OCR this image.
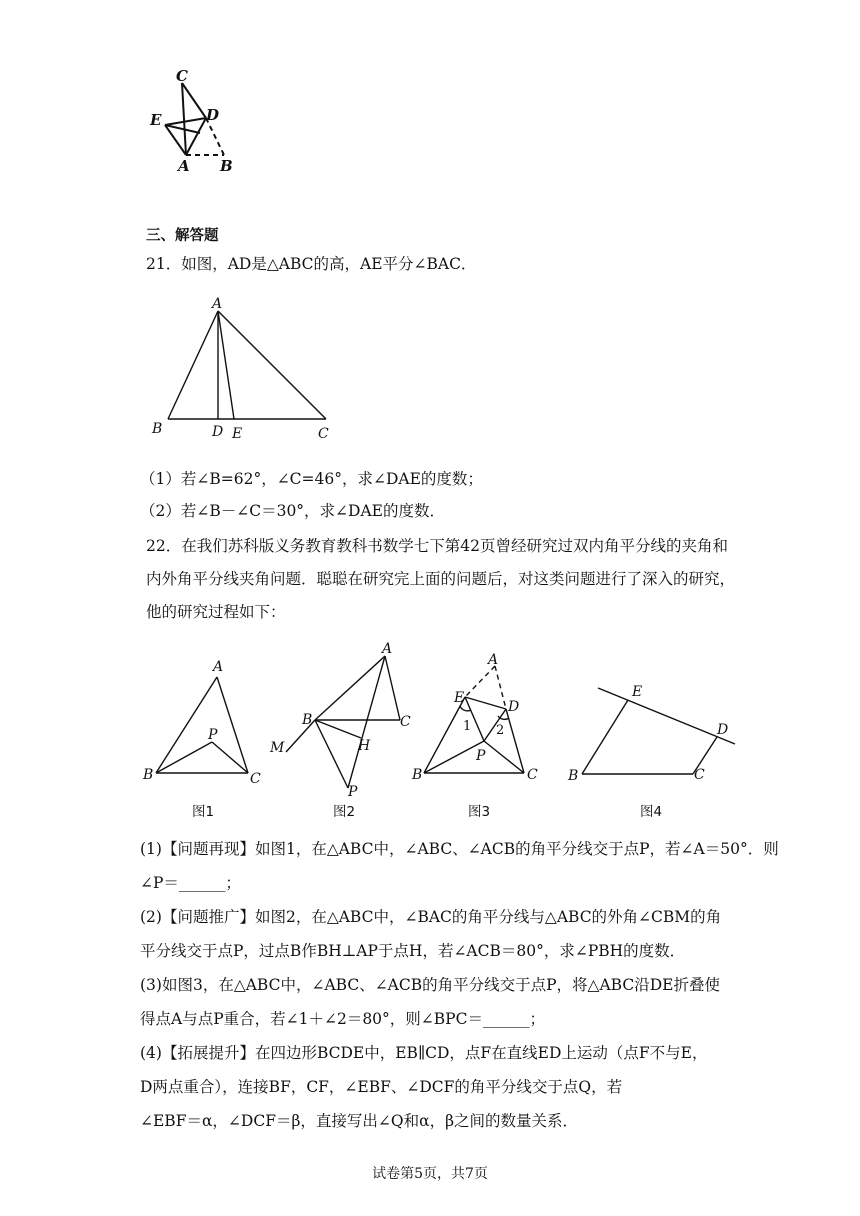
C
D
E
A B
三、解答题
21．如图，AD是△ABC的高，AE平分∠BAC．
A
B	D E	C
（1）若∠B=62°，∠C=46°，求∠DAE的度数；
（2）若∠B－∠C＝30°，求∠DAE的度数．
22．在我们苏科版义务教育教科书数学七下第42页曾经研究过双内角平分线的夹角和
内外角平分线夹角问题．聪聪在研究完上面的问题后，对这类问题进行了深入的研究，
他的研究过程如下：
A
P
B	C
图1
A
B	C
M	H
P
图2
A
E
D
1 2
P
B	C
图3
E
D
B	C
图4
(1)【问题再现】如图1，在△ABC中，∠ABC、∠ACB的角平分线交于点P，若∠A＝50°．则
∠P＝______；
(2)【问题推广】如图2，在△ABC中，∠BAC的角平分线与△ABC的外角∠CBM的角
平分线交于点P，过点B作BH⊥AP于点H，若∠ACB＝80°，求∠PBH的度数．
(3)如图3，在△ABC中，∠ABC、∠ACB的角平分线交于点P，将△ABC沿DE折叠使
得点A与点P重合，若∠1＋∠2＝80°，则∠BPC＝______；
(4)【拓展提升】在四边形BCDE中，EB∥CD，点F在直线ED上运动（点F不与E，
D两点重合），连接BF，CF，∠EBF、∠DCF的角平分线交于点Q，若
∠EBF＝α，∠DCF＝β，直接写出∠Q和α，β之间的数量关系．
试卷第5页，共7页
